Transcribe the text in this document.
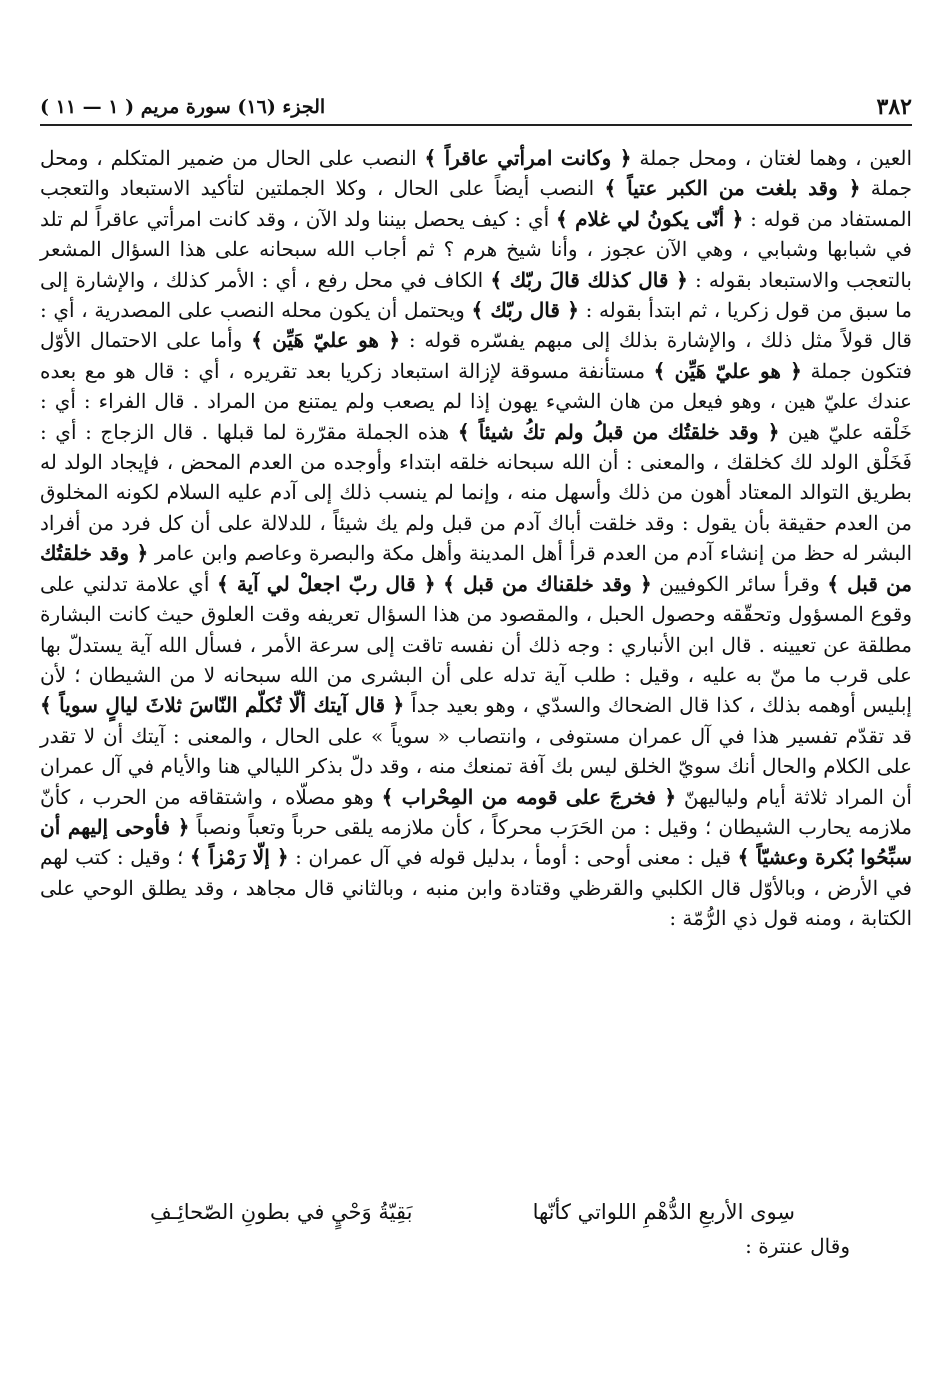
٣٨٢
الجزء (١٦) سورة مريم ( ١ — ١١ )

العين ، وهما لغتان ، ومحل جملة ﴿ وكانت امرأتي عاقراً ﴾ النصب على الحال من ضمير المتكلم ، ومحل جملة ﴿ وقد بلغت من الكبر عتياً ﴾ النصب أيضاً على الحال ، وكلا الجملتين لتأكيد الاستبعاد والتعجب المستفاد من قوله : ﴿ أنّى يكونُ لي غلام ﴾ أي : كيف يحصل بيننا ولد الآن ، وقد كانت امرأتي عاقراً لم تلد في شبابها وشبابي ، وهي الآن عجوز ، وأنا شيخ هرم ؟ ثم أجاب الله سبحانه على هذا السؤال المشعر بالتعجب والاستبعاد بقوله : ﴿ قال كذلك قالَ ربّك ﴾ الكاف في محل رفع ، أي : الأمر كذلك ، والإشارة إلى ما سبق من قول زكريا ، ثم ابتدأ بقوله : ﴿ قال ربّك ﴾ ويحتمل أن يكون محله النصب على المصدرية ، أي : قال قولاً مثل ذلك ، والإشارة بذلك إلى مبهم يفسّره قوله : ﴿ هو عليّ هَيِّن ﴾ وأما على الاحتمال الأوّل فتكون جملة ﴿ هو عليّ هَيِّن ﴾ مستأنفة مسوقة لإزالة استبعاد زكريا بعد تقريره ، أي : قال هو مع بعده عندك عليّ هين ، وهو فيعل من هان الشيء يهون إذا لم يصعب ولم يمتنع من المراد . قال الفراء : أي : خَلْقه عليّ هين ﴿ وقد خلقتُك من قبلُ ولم تكُ شيئاً ﴾ هذه الجملة مقرّرة لما قبلها . قال الزجاج : أي : فَخَلْق الولد لك كخلقك ، والمعنى : أن الله سبحانه خلقه ابتداء وأوجده من العدم المحض ، فإيجاد الولد له بطريق التوالد المعتاد أهون من ذلك وأسهل منه ، وإنما لم ينسب ذلك إلى آدم عليه السلام لكونه المخلوق من العدم حقيقة بأن يقول : وقد خلقت أباك آدم من قبل ولم يك شيئاً ، للدلالة على أن كل فرد من أفراد البشر له حظ من إنشاء آدم من العدم قرأ أهل المدينة وأهل مكة والبصرة وعاصم وابن عامر ﴿ وقد خلقتُك من قبل ﴾ وقرأ سائر الكوفيين ﴿ وقد خلقناك من قبل ﴾ ﴿ قال ربّ اجعلْ لي آية ﴾ أي علامة تدلني على وقوع المسؤول وتحقّقه وحصول الحبل ، والمقصود من هذا السؤال تعريفه وقت العلوق حيث كانت البشارة مطلقة عن تعيينه . قال ابن الأنباري : وجه ذلك أن نفسه تاقت إلى سرعة الأمر ، فسأل الله آية يستدلّ بها على قرب ما منّ به عليه ، وقيل : طلب آية تدله على أن البشرى من الله سبحانه لا من الشيطان ؛ لأن إبليس أوهمه بذلك ، كذا قال الضحاك والسدّي ، وهو بعيد جداً ﴿ قال آيتك ألّا تُكلّم النّاسَ ثلاثَ ليالٍ سوياً ﴾ قد تقدّم تفسير هذا في آل عمران مستوفى ، وانتصاب « سوياً » على الحال ، والمعنى : آيتك أن لا تقدر على الكلام والحال أنك سويّ الخلق ليس بك آفة تمنعك منه ، وقد دلّ بذكر الليالي هنا والأيام في آل عمران أن المراد ثلاثة أيام ولياليهنّ ﴿ فخرجَ على قومه من المِحْراب ﴾ وهو مصلّاه ، واشتقاقه من الحرب ، كأنّ ملازمه يحارب الشيطان ؛ وقيل : من الحَرَب محركاً ، كأن ملازمه يلقى حرباً وتعباً ونصباً ﴿ فأوحى إليهم أن سبِّحُوا بُكرة وعشيّاً ﴾ قيل : معنى أوحى : أومأ ، بدليل قوله في آل عمران : ﴿ إلّا رَمْزاً ﴾ ؛ وقيل : كتب لهم في الأرض ، وبالأوّل قال الكلبي والقرظي وقتادة وابن منبه ، وبالثاني قال مجاهد ، وقد يطلق الوحي على الكتابة ، ومنه قول ذي الرُّمّة :

سِوى الأربعِ الدُّهْمِ اللواتي كأنّها
بَقِيّةُ وَحْيٍ في بطونِ الصّحائِـفِ
وقال عنترة :
